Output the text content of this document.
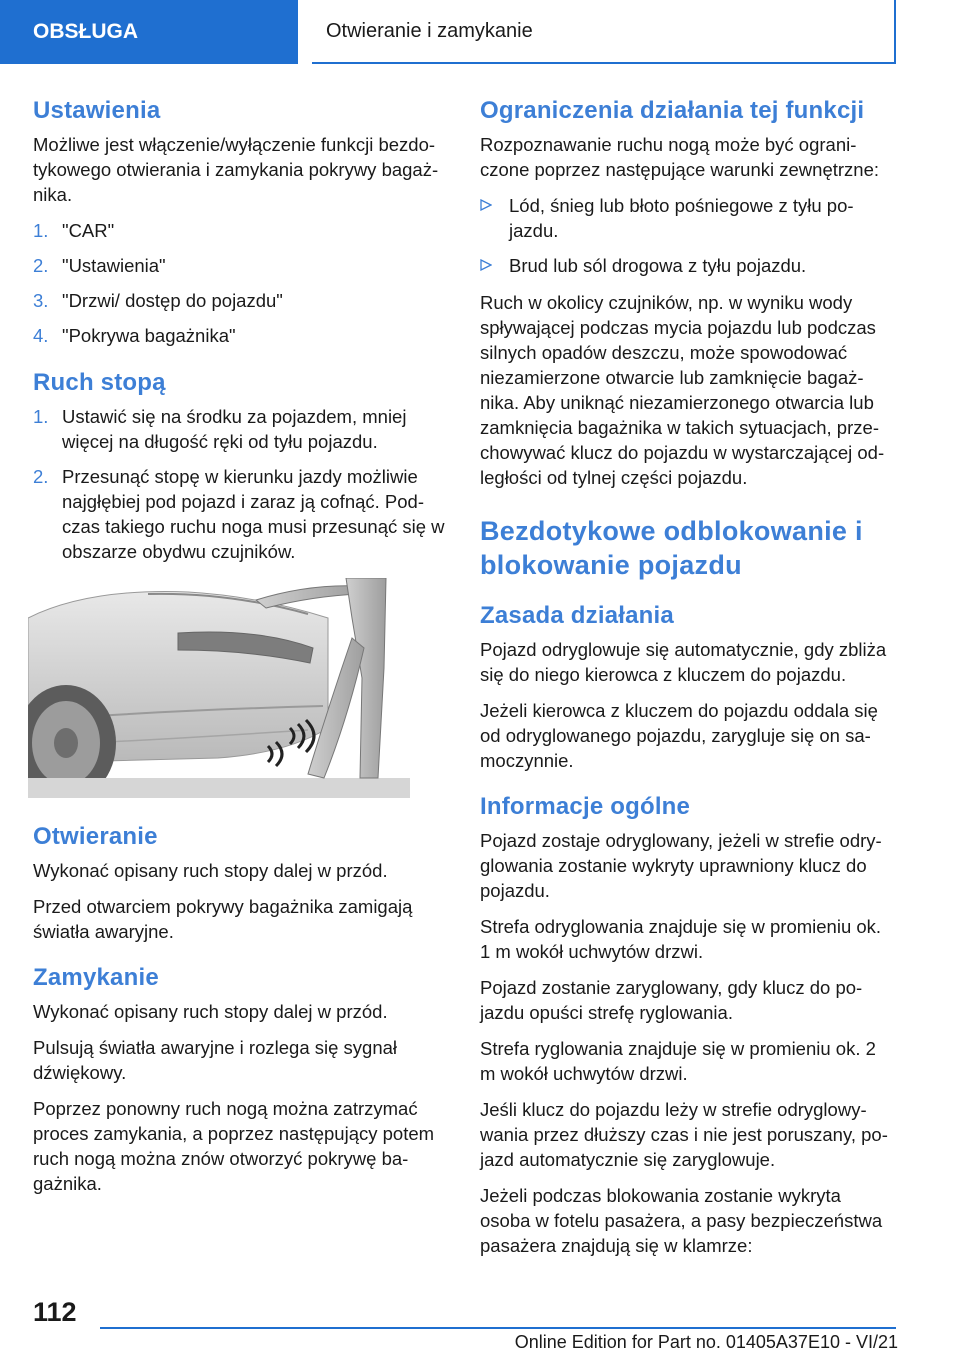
OBSŁUGA	Otwieranie i zamykanie
Ustawienia

Możliwe jest włączenie/wyłączenie funkcji bezdotykowego otwierania i zamykania pokrywy bagażnika.

1. "CAR"
2. "Ustawienia"
3. "Drzwi/ dostęp do pojazdu"
4. "Pokrywa bagażnika"
Ruch stopą
1. Ustawić się na środku za pojazdem, mniej więcej na długość ręki od tyłu pojazdu.
2. Przesunąć stopę w kierunku jazdy możliwie najgłębiej pod pojazd i zaraz ją cofnąć. Podczas takiego ruchu noga musi przesunąć się w obszarze obydwu czujników.
Otwieranie

Wykonać opisany ruch stopy dalej w przód.

Przed otwarciem pokrywy bagażnika zamigają światła awaryjne.

Zamykanie

Wykonać opisany ruch stopy dalej w przód.

Pulsują światła awaryjne i rozlega się sygnał dźwiękowy.

Poprzez ponowny ruch nogą można zatrzymać proces zamykania, a poprzez następujący potem ruch nogą można znów otworzyć pokrywę bagażnika.

Ograniczenia działania tej funkcji

Rozpoznawanie ruchu nogą może być ograniczone poprzez następujące warunki zewnętrzne:

Lód, śnieg lub błoto pośniegowe z tyłu pojazdu.
Brud lub sól drogowa z tyłu pojazdu.

Ruch w okolicy czujników, np. w wyniku wody spływającej podczas mycia pojazdu lub podczas silnych opadów deszczu, może spowodować niezamierzone otwarcie lub zamknięcie bagażnika. Aby uniknąć niezamierzonego otwarcia lub zamknięcia bagażnika w takich sytuacjach, przechowywać klucz do pojazdu w wystarczającej odległości od tylnej części pojazdu.

Bezdotykowe odblokowanie i blokowanie pojazdu
Zasada działania

Pojazd odryglowuje się automatycznie, gdy zbliża się do niego kierowca z kluczem do pojazdu.

Jeżeli kierowca z kluczem do pojazdu oddala się od odryglowanego pojazdu, zarygluje się on samoczynnie.

Informacje ogólne

Pojazd zostaje odryglowany, jeżeli w strefie odryglowania zostanie wykryty uprawniony klucz do pojazdu.

Strefa odryglowania znajduje się w promieniu ok. 1 m wokół uchwytów drzwi.

Pojazd zostanie zaryglowany, gdy klucz do pojazdu opuści strefę ryglowania.

Strefa ryglowania znajduje się w promieniu ok. 2 m wokół uchwytów drzwi.

Jeśli klucz do pojazdu leży w strefie odryglowywania przez dłuższy czas i nie jest poruszany, pojazd automatycznie się zaryglowuje.

Jeżeli podczas blokowania zostanie wykryta osoba w fotelu pasażera, a pasy bezpieczeństwa pasażera znajdują się w klamrze:

112
Online Edition for Part no. 01405A37E10 - VI/21
